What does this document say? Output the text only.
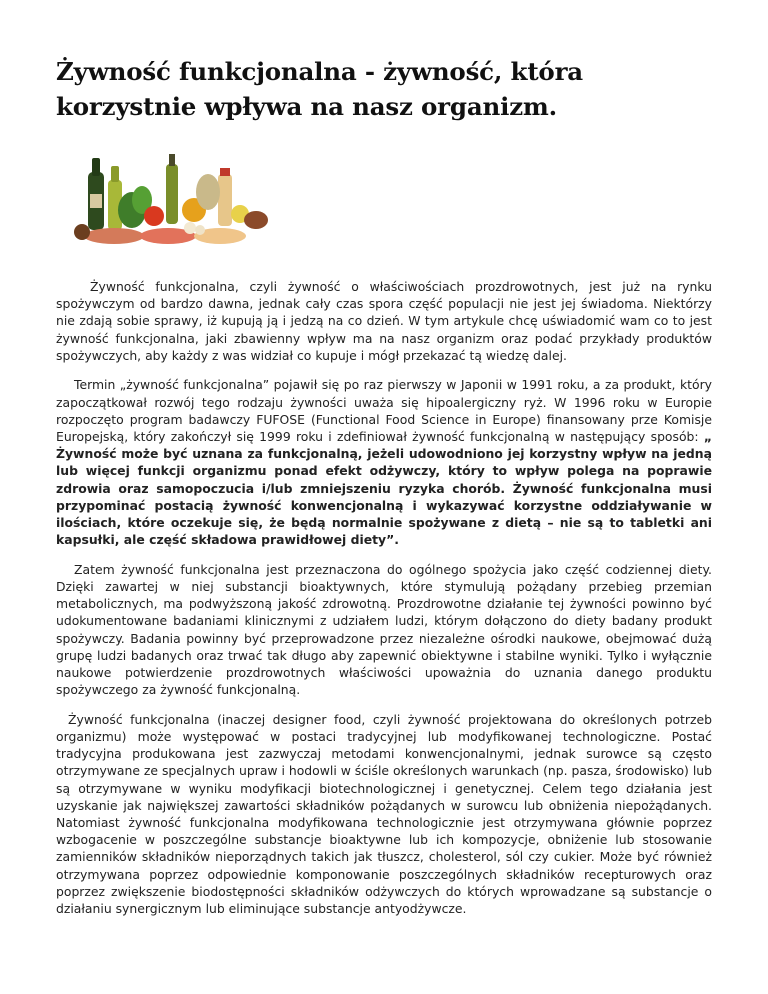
Żywność funkcjonalna - żywność, która korzystnie wpływa na nasz organizm.

Żywność funkcjonalna, czyli żywność o właściwościach prozdrowotnych, jest już na rynku spożywczym od bardzo dawna, jednak cały czas spora część populacji nie jest jej świadoma. Niektórzy nie zdają sobie sprawy, iż kupują ją i jedzą na co dzień. W tym artykule chcę uświadomić wam co to jest żywność funkcjonalna, jaki zbawienny wpływ ma na nasz organizm oraz podać przykłady produktów spożywczych, aby każdy z was widział co kupuje i mógł przekazać tą wiedzę dalej.

Termin „żywność funkcjonalna” pojawił się po raz pierwszy w Japonii w 1991 roku, a za produkt, który zapoczątkował rozwój tego rodzaju żywności uważa się hipoalergiczny ryż. W 1996 roku w Europie rozpoczęto program badawczy FUFOSE (Functional Food Science in Europe) finansowany prze Komisje Europejską, który zakończył się 1999 roku i zdefiniował żywność funkcjonalną w następujący sposób: „ Żywność może być uznana za funkcjonalną, jeżeli udowodniono jej korzystny wpływ na jedną lub więcej funkcji organizmu ponad efekt odżywczy, który to wpływ polega na poprawie zdrowia oraz samopoczucia i/lub zmniejszeniu ryzyka chorób. Żywność funkcjonalna musi przypominać postacią żywność konwencjonalną i wykazywać korzystne oddziaływanie w ilościach, które oczekuje się, że będą normalnie spożywane z dietą – nie są to tabletki ani kapsułki, ale część składowa prawidłowej diety”.

Zatem żywność funkcjonalna jest przeznaczona do ogólnego spożycia jako część codziennej diety. Dzięki zawartej w niej substancji bioaktywnych, które stymulują pożądany przebieg przemian metabolicznych, ma podwyższoną jakość zdrowotną. Prozdrowotne działanie tej żywności powinno być udokumentowane badaniami klinicznymi z udziałem ludzi, którym dołączono do diety badany produkt spożywczy. Badania powinny być przeprowadzone przez niezależne ośrodki naukowe, obejmować dużą grupę ludzi badanych oraz trwać tak długo aby zapewnić obiektywne i stabilne wyniki. Tylko i wyłącznie naukowe potwierdzenie prozdrowotnych właściwości upoważnia do uznania danego produktu spożywczego za żywność funkcjonalną.

Żywność funkcjonalna (inaczej designer food, czyli żywność projektowana do określonych potrzeb organizmu) może występować w postaci tradycyjnej lub modyfikowanej technologiczne. Postać tradycyjna produkowana jest zazwyczaj metodami konwencjonalnymi, jednak surowce są często otrzymywane ze specjalnych upraw i hodowli w ściśle określonych warunkach (np. pasza, środowisko) lub są otrzymywane w wyniku modyfikacji biotechnologicznej i genetycznej. Celem tego działania jest uzyskanie jak największej zawartości składników pożądanych w surowcu lub obniżenia niepożądanych. Natomiast żywność funkcjonalna modyfikowana technologicznie jest otrzymywana głównie poprzez wzbogacenie w poszczególne substancje bioaktywne lub ich kompozycje, obniżenie lub stosowanie zamienników składników nieporządnych takich jak tłuszcz, cholesterol, sól czy cukier. Może być również otrzymywana poprzez odpowiednie komponowanie poszczególnych składników recepturowych oraz poprzez zwiększenie biodostępności składników odżywczych do których wprowadzane są substancje o działaniu synergicznym lub eliminujące substancje antyodżywcze.
